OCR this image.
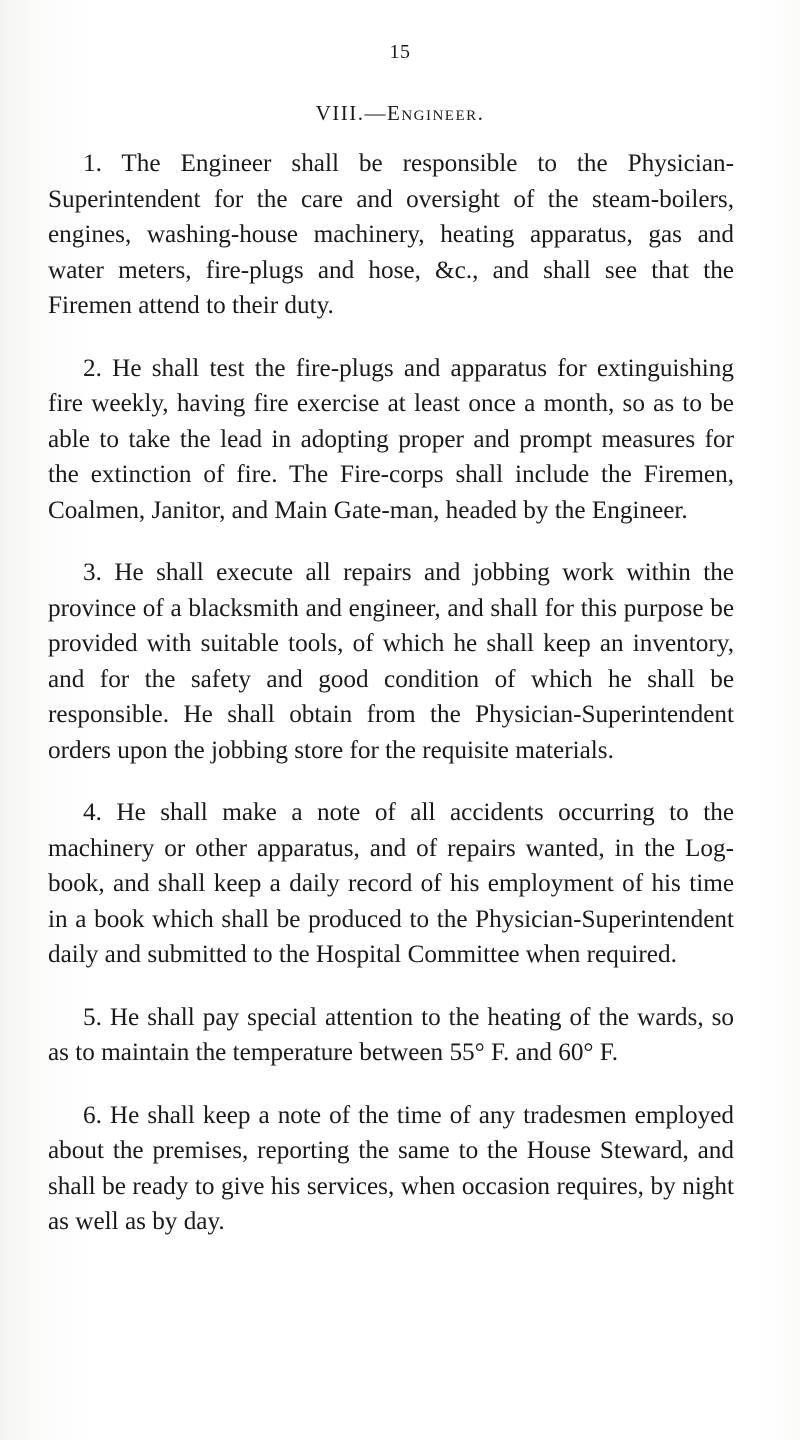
15
VIII.—Engineer.

1. The Engineer shall be responsible to the Physician-Superintendent for the care and oversight of the steam-boilers, engines, washing-house machinery, heating apparatus, gas and water meters, fire-plugs and hose, &c., and shall see that the Firemen attend to their duty.

2. He shall test the fire-plugs and apparatus for extinguishing fire weekly, having fire exercise at least once a month, so as to be able to take the lead in adopting proper and prompt measures for the extinction of fire. The Fire-corps shall include the Firemen, Coalmen, Janitor, and Main Gate-man, headed by the Engineer.

3. He shall execute all repairs and jobbing work within the province of a blacksmith and engineer, and shall for this purpose be provided with suitable tools, of which he shall keep an inventory, and for the safety and good condition of which he shall be responsible. He shall obtain from the Physician-Superintendent orders upon the jobbing store for the requisite materials.

4. He shall make a note of all accidents occurring to the machinery or other apparatus, and of repairs wanted, in the Log-book, and shall keep a daily record of his employment of his time in a book which shall be produced to the Physician-Superintendent daily and submitted to the Hospital Committee when required.

5. He shall pay special attention to the heating of the wards, so as to maintain the temperature between 55° F. and 60° F.

6. He shall keep a note of the time of any tradesmen employed about the premises, reporting the same to the House Steward, and shall be ready to give his services, when occasion requires, by night as well as by day.
